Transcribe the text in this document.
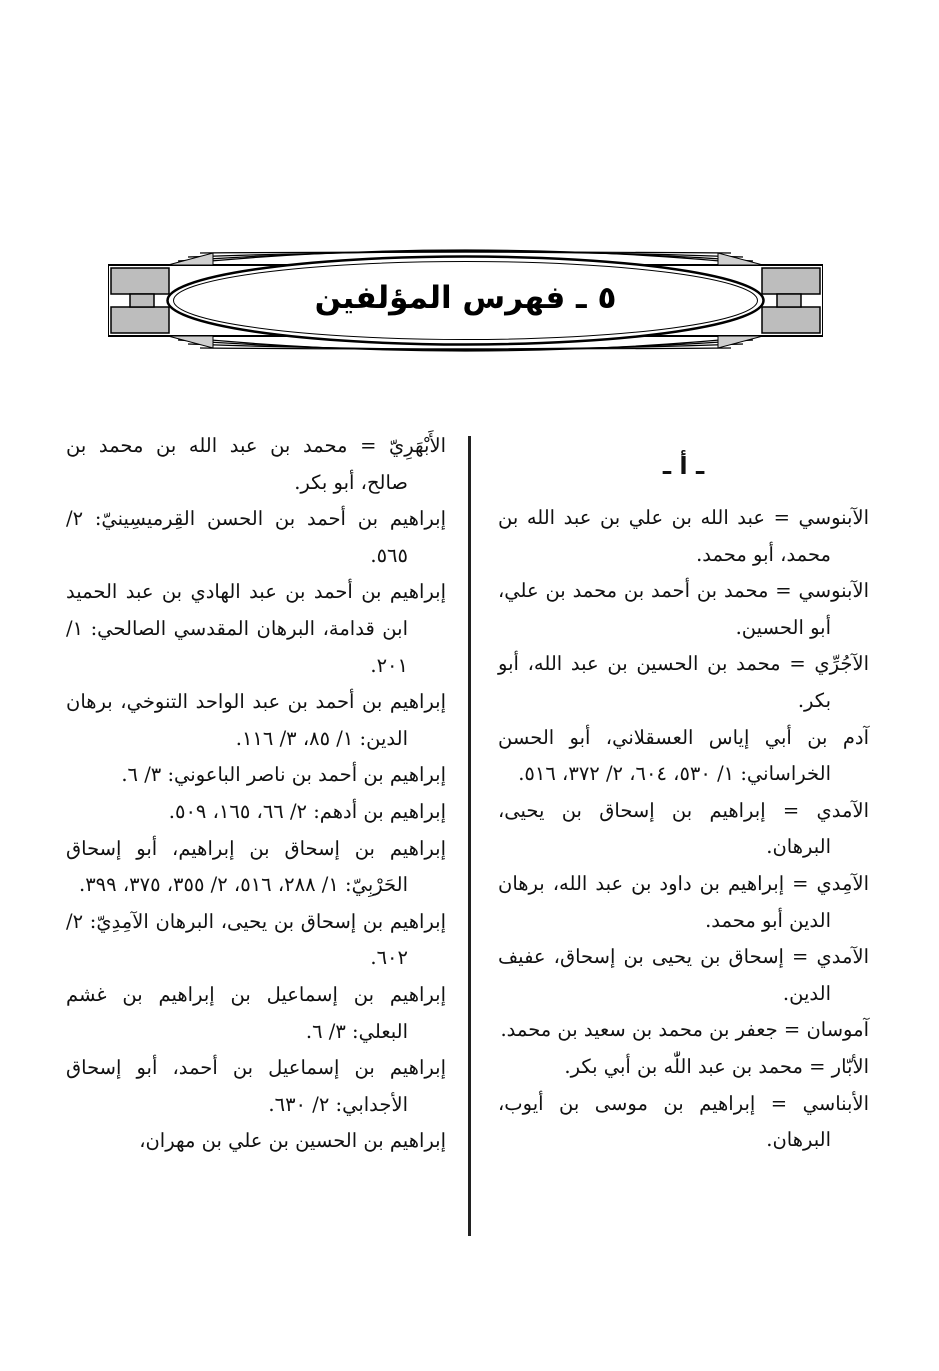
٥ ـ فهرس المؤلفين
ـ أ ـ
الآبنوسي = عبد الله بن علي بن عبد الله بن محمد، أبو محمد.
الآبنوسي = محمد بن أحمد بن محمد بن علي، أبو الحسين.
الآجُرِّي = محمد بن الحسين بن عبد الله، أبو بكر.
آدم بن أبي إياس العسقلاني، أبو الحسن الخراساني: ١/ ٥٣٠، ٦٠٤، ٢/ ٣٧٢، ٥١٦.
الآمدي = إبراهيم بن إسحاق بن يحيى، البرهان.
الآمِدي = إبراهيم بن داود بن عبد الله، برهان الدين أبو محمد.
الآمدي = إسحاق بن يحيى بن إسحاق، عفيف الدين.
آموسان = جعفر بن محمد بن سعيد بن محمد.
الأبّار = محمد بن عبد اللّٰه بن أبي بكر.
الأبناسي = إبراهيم بن موسى بن أيوب، البرهان.
الأَبْهَرِيّ = محمد بن عبد الله بن محمد بن صالح، أبو بكر.
إبراهيم بن أحمد بن الحسن القِرميسِينيّ: ٢/ ٥٦٥.
إبراهيم بن أحمد بن عبد الهادي بن عبد الحميد ابن قدامة، البرهان المقدسي الصالحي: ١/ ٢٠١.
إبراهيم بن أحمد بن عبد الواحد التنوخي، برهان الدين: ١/ ٨٥، ٣/ ١١٦.
إبراهيم بن أحمد بن ناصر الباعوني: ٣/ ٦.
إبراهيم بن أدهم: ٢/ ٦٦، ١٦٥، ٥٠٩.
إبراهيم بن إسحاق بن إبراهيم، أبو إسحاق الحَرْبِيّ: ١/ ٢٨٨، ٥١٦، ٢/ ٣٥٥، ٣٧٥، ٣٩٩.
إبراهيم بن إسحاق بن يحيى، البرهان الآمِدِيّ: ٢/ ٦٠٢.
إبراهيم بن إسماعيل بن إبراهيم بن غشم البعلي: ٣/ ٦.
إبراهيم بن إسماعيل بن أحمد، أبو إسحاق الأجدابي: ٢/ ٦٣٠.
إبراهيم بن الحسين بن علي بن مهران،
